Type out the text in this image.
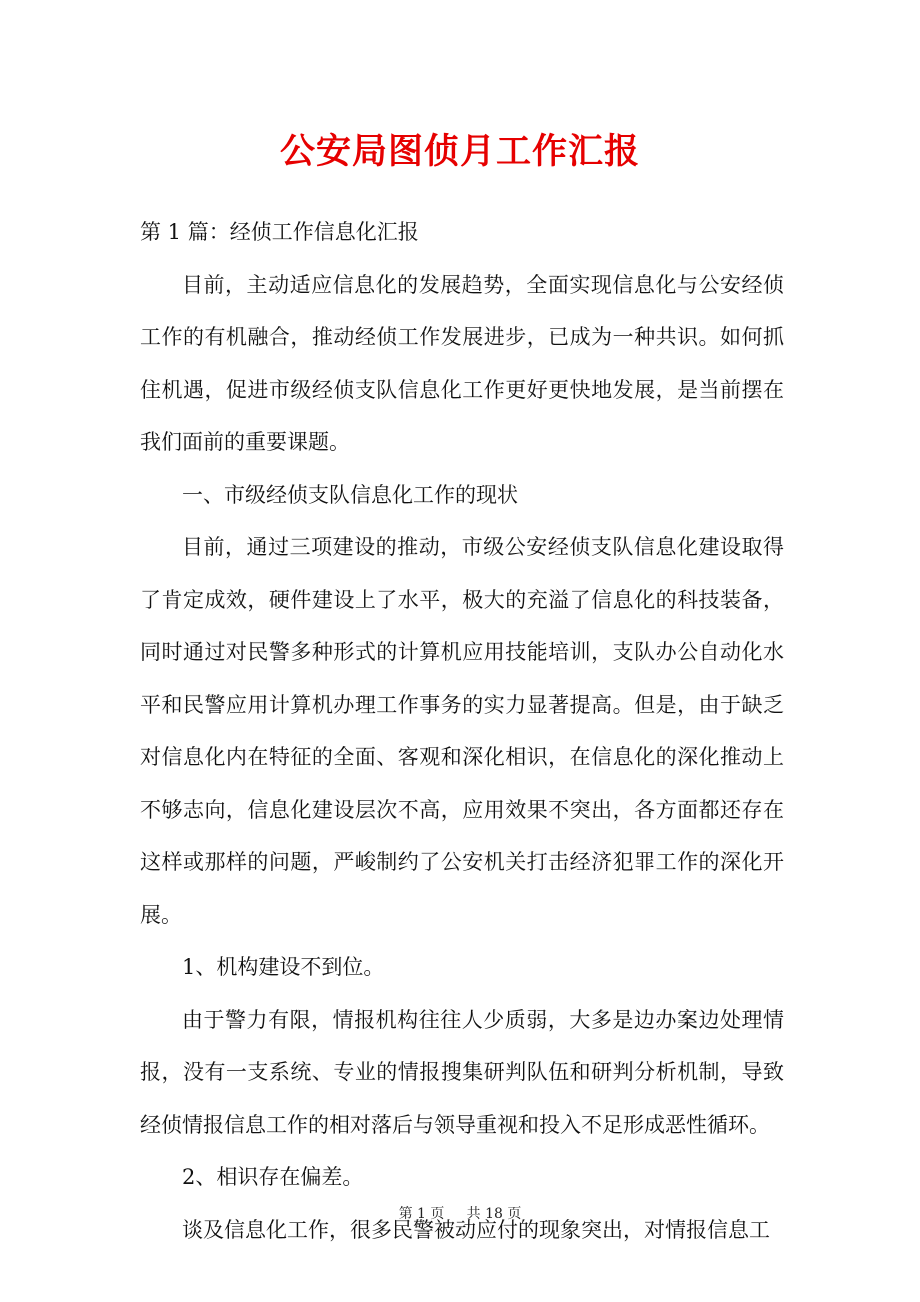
公安局图侦月工作汇报

第 1 篇：经侦工作信息化汇报

目前，主动适应信息化的发展趋势，全面实现信息化与公安经侦工作的有机融合，推动经侦工作发展进步，已成为一种共识。如何抓住机遇，促进市级经侦支队信息化工作更好更快地发展，是当前摆在我们面前的重要课题。

一、市级经侦支队信息化工作的现状

目前，通过三项建设的推动，市级公安经侦支队信息化建设取得了肯定成效，硬件建设上了水平，极大的充溢了信息化的科技装备，同时通过对民警多种形式的计算机应用技能培训，支队办公自动化水平和民警应用计算机办理工作事务的实力显著提高。但是，由于缺乏对信息化内在特征的全面、客观和深化相识，在信息化的深化推动上不够志向，信息化建设层次不高，应用效果不突出，各方面都还存在这样或那样的问题，严峻制约了公安机关打击经济犯罪工作的深化开展。

1、机构建设不到位。

由于警力有限，情报机构往往人少质弱，大多是边办案边处理情报，没有一支系统、专业的情报搜集研判队伍和研判分析机制，导致经侦情报信息工作的相对落后与领导重视和投入不足形成恶性循环。

2、相识存在偏差。

谈及信息化工作，很多民警被动应付的现象突出，对情报信息工

第 1 页 共 18 页
